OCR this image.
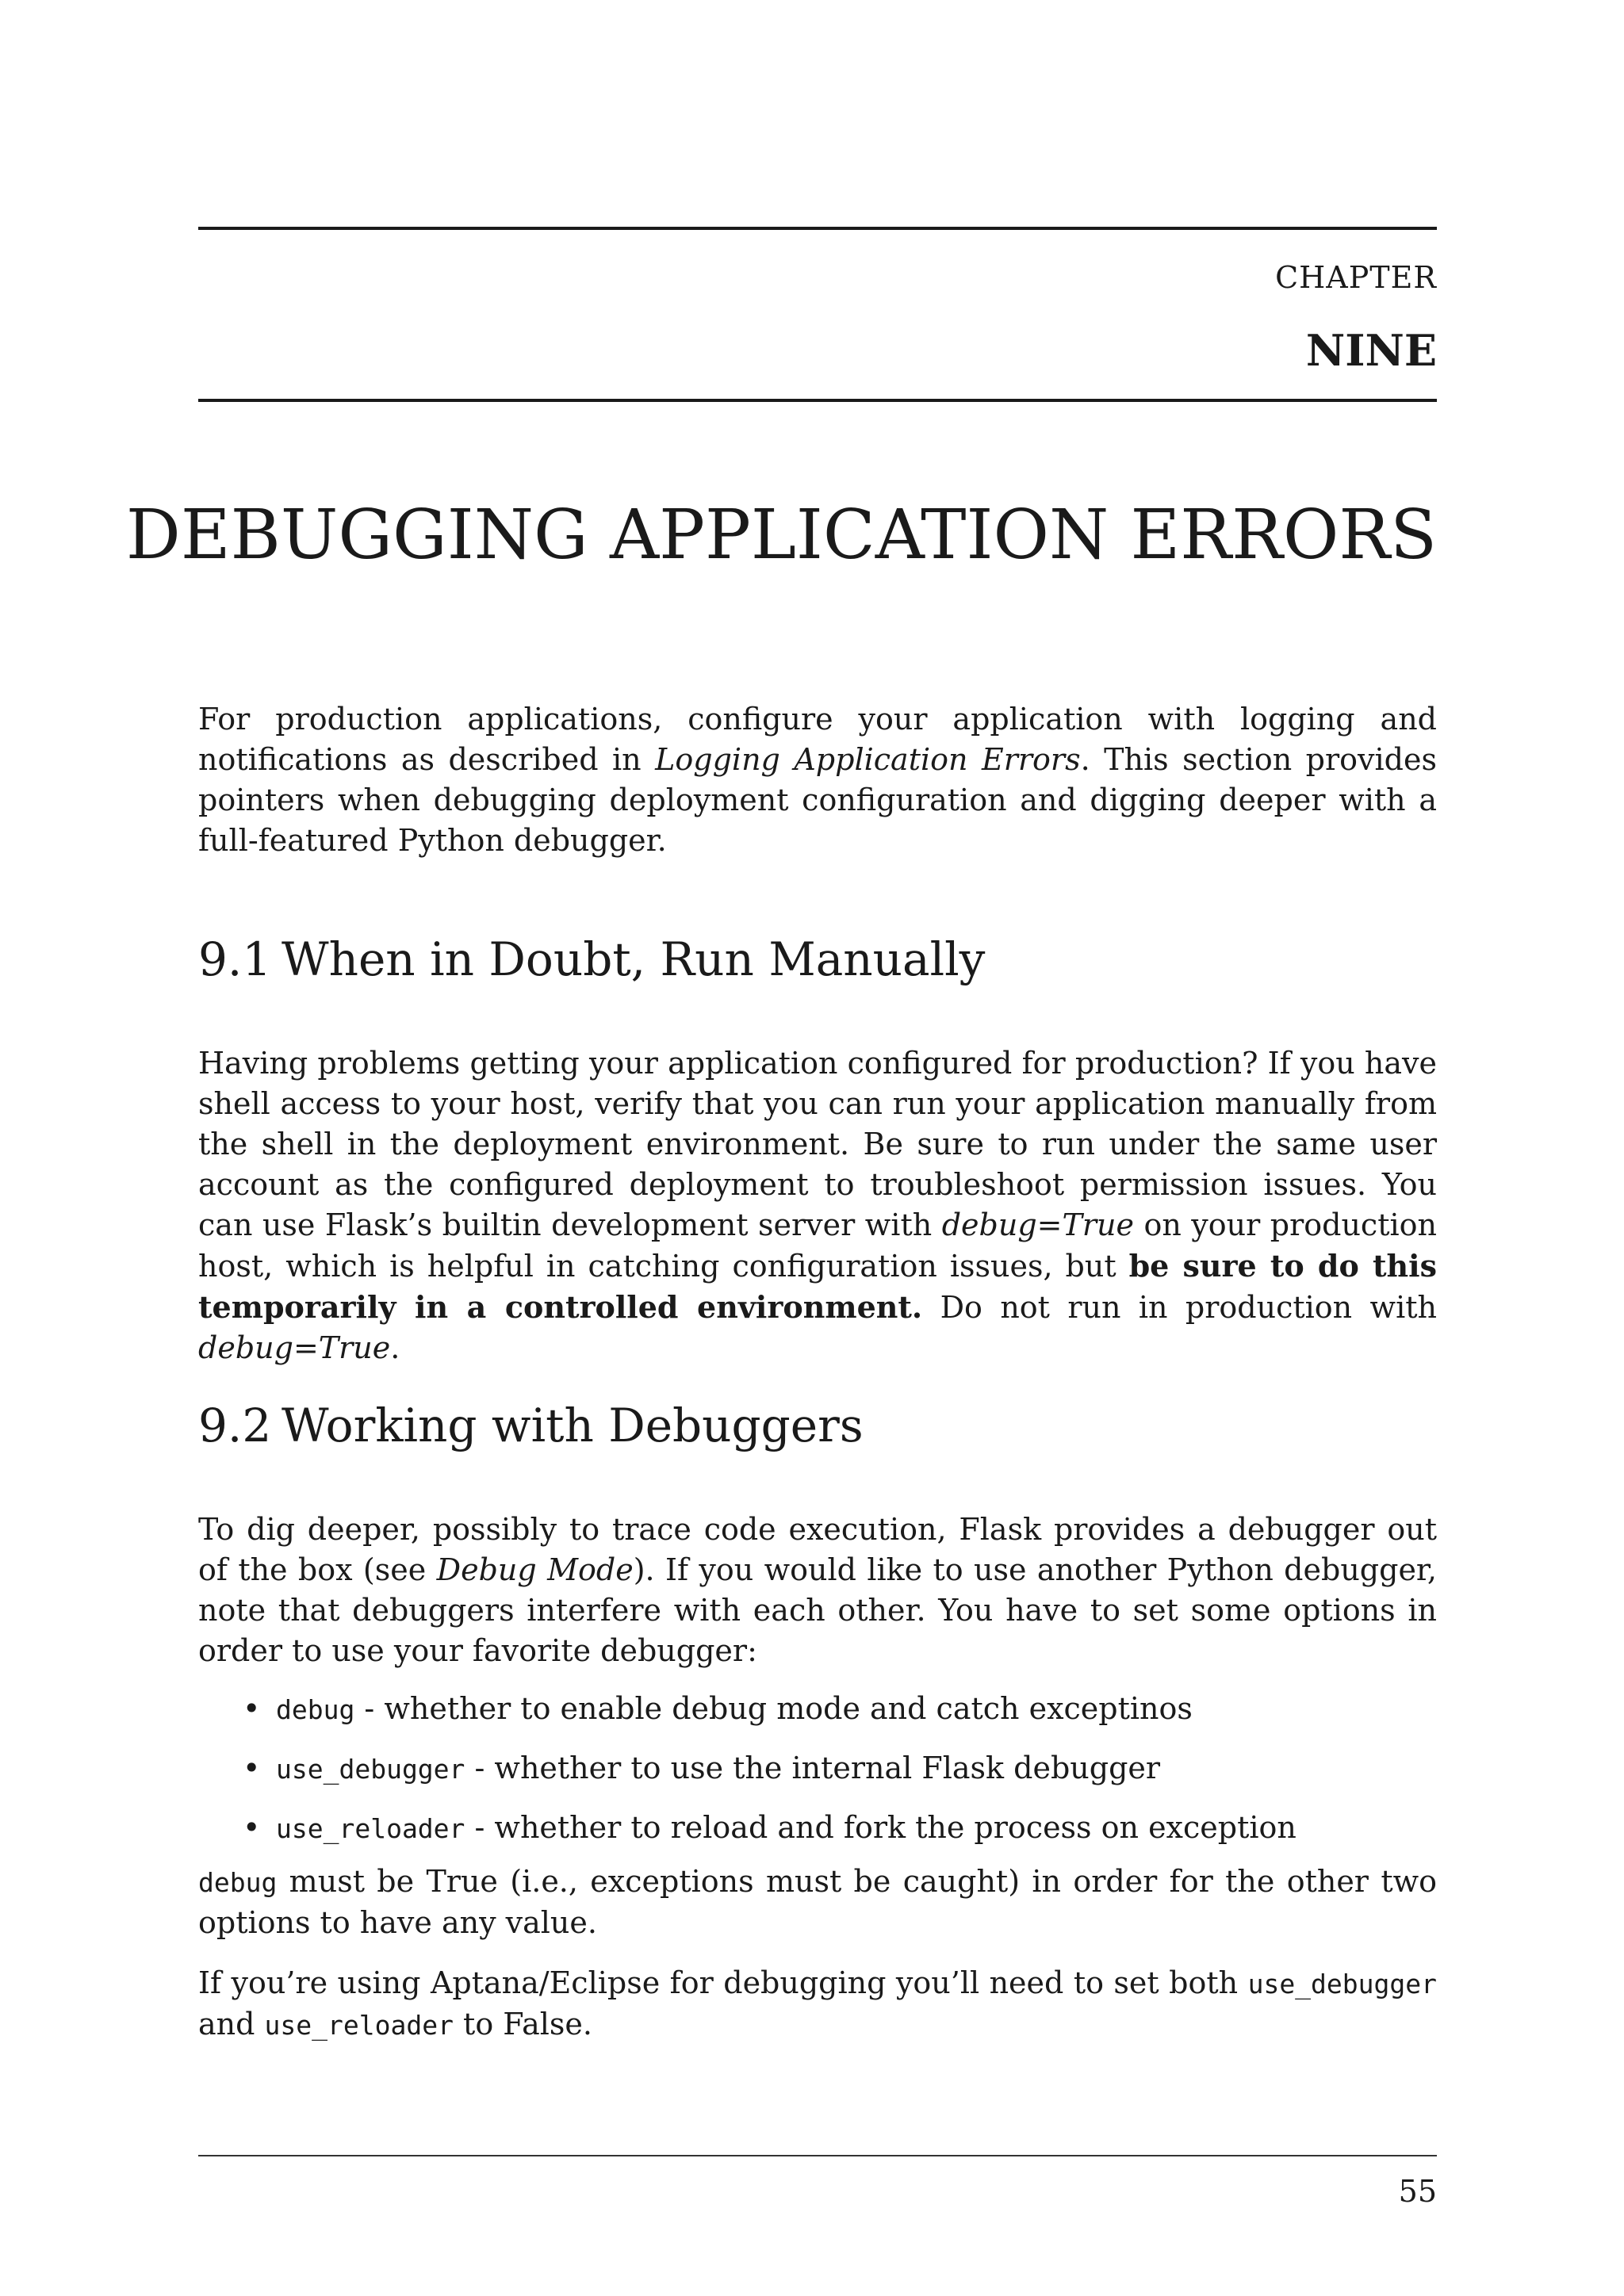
CHAPTER
NINE
DEBUGGING APPLICATION ERRORS

For production applications, configure your application with logging and notifications as described in Logging Application Errors. This section provides pointers when debugging deployment configuration and digging deeper with a full-featured Python debugger.

9.1 When in Doubt, Run Manually

Having problems getting your application configured for production? If you have shell access to your host, verify that you can run your application manually from the shell in the deployment environment. Be sure to run under the same user account as the configured deployment to troubleshoot permission issues. You can use Flask’s builtin development server with debug=True on your production host, which is helpful in catching configuration issues, but be sure to do this temporarily in a controlled environment. Do not run in production with debug=True.

9.2 Working with Debuggers

To dig deeper, possibly to trace code execution, Flask provides a debugger out of the box (see Debug Mode). If you would like to use another Python debugger, note that debuggers interfere with each other. You have to set some options in order to use your favorite debugger:

• debug - whether to enable debug mode and catch exceptinos
• use_debugger - whether to use the internal Flask debugger
• use_reloader - whether to reload and fork the process on exception

debug must be True (i.e., exceptions must be caught) in order for the other two options to have any value.

If you’re using Aptana/Eclipse for debugging you’ll need to set both use_debugger and use_reloader to False.

55
